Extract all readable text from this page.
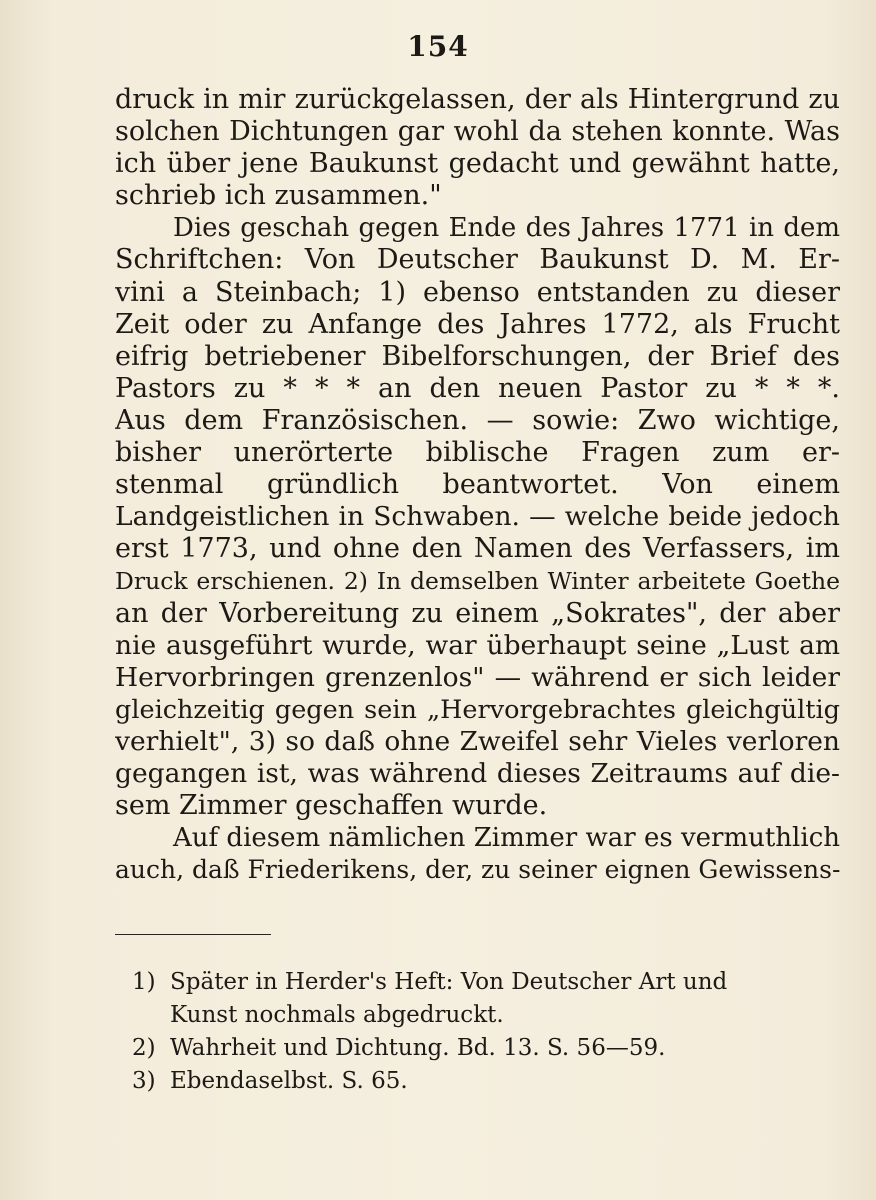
154
druck in mir zurückgelassen, der als Hintergrund zu
solchen Dichtungen gar wohl da stehen konnte. Was
ich über jene Baukunst gedacht und gewähnt hatte,
schrieb ich zusammen."
Dies geschah gegen Ende des Jahres 1771 in dem
Schriftchen: Von Deutscher Baukunst D. M. Er-
vini a Steinbach; 1) ebenso entstanden zu dieser
Zeit oder zu Anfange des Jahres 1772, als Frucht
eifrig betriebener Bibelforschungen, der Brief des
Pastors zu * * * an den neuen Pastor zu * * *.
Aus dem Französischen. — sowie: Zwo wichtige,
bisher unerörterte biblische Fragen zum er-
stenmal gründlich beantwortet. Von einem
Landgeistlichen in Schwaben. — welche beide jedoch
erst 1773, und ohne den Namen des Verfassers, im
Druck erschienen. 2) In demselben Winter arbeitete Goethe
an der Vorbereitung zu einem „Sokrates", der aber
nie ausgeführt wurde, war überhaupt seine „Lust am
Hervorbringen grenzenlos" — während er sich leider
gleichzeitig gegen sein „Hervorgebrachtes gleichgültig
verhielt", 3) so daß ohne Zweifel sehr Vieles verloren
gegangen ist, was während dieses Zeitraums auf die-
sem Zimmer geschaffen wurde.
Auf diesem nämlichen Zimmer war es vermuthlich
auch, daß Friederikens, der, zu seiner eignen Gewissens-
1) Später in Herder's Heft: Von Deutscher Art und
Kunst nochmals abgedruckt.
2) Wahrheit und Dichtung. Bd. 13. S. 56—59.
3) Ebendaselbst. S. 65.
